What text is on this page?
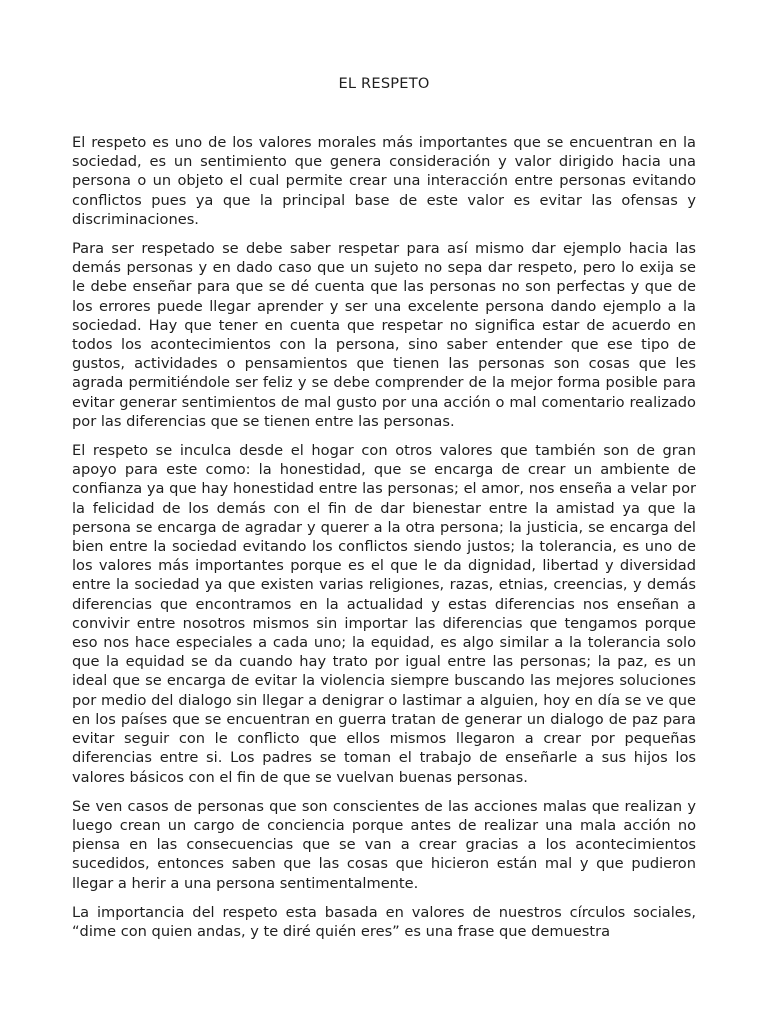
EL RESPETO

El respeto es uno de los valores morales más importantes que se encuentran en la sociedad, es un sentimiento que genera consideración y valor dirigido hacia una persona o un objeto el cual permite crear una interacción entre personas evitando conflictos pues ya que la principal base de este valor es evitar las ofensas y discriminaciones.

Para ser respetado se debe saber respetar para así mismo dar ejemplo hacia las demás personas y en dado caso que un sujeto no sepa dar respeto, pero lo exija se le debe enseñar para que se dé cuenta que las personas no son perfectas y que de los errores puede llegar aprender y ser una excelente persona dando ejemplo a la sociedad. Hay que tener en cuenta que respetar no significa estar de acuerdo en todos los acontecimientos con la persona, sino saber entender que ese tipo de gustos, actividades o pensamientos que tienen las personas son cosas que les agrada permitiéndole ser feliz y se debe comprender de la mejor forma posible para evitar generar sentimientos de mal gusto por una acción o mal comentario realizado por las diferencias que se tienen entre las personas.

El respeto se inculca desde el hogar con otros valores que también son de gran apoyo para este como: la honestidad, que se encarga de crear un ambiente de confianza ya que hay honestidad entre las personas; el amor, nos enseña a velar por la felicidad de los demás con el fin de dar bienestar entre la amistad ya que la persona se encarga de agradar y querer a la otra persona; la justicia, se encarga del bien entre la sociedad evitando los conflictos siendo justos; la tolerancia, es uno de los valores más importantes porque es el que le da dignidad, libertad y diversidad entre la sociedad ya que existen varias religiones, razas, etnias, creencias, y demás diferencias que encontramos en la actualidad y estas diferencias nos enseñan a convivir entre nosotros mismos sin importar las diferencias que tengamos porque eso nos hace especiales a cada uno; la equidad, es algo similar a la tolerancia solo que la equidad se da cuando hay trato por igual entre las personas; la paz, es un ideal que se encarga de evitar la violencia siempre buscando las mejores soluciones por medio del dialogo sin llegar a denigrar o lastimar a alguien, hoy en día se ve que en los países que se encuentran en guerra tratan de generar un dialogo de paz para evitar seguir con le conflicto que ellos mismos llegaron a crear por pequeñas diferencias entre si. Los padres se toman el trabajo de enseñarle a sus hijos los valores básicos con el fin de que se vuelvan buenas personas.

Se ven casos de personas que son conscientes de las acciones malas que realizan y luego crean un cargo de conciencia porque antes de realizar una mala acción no piensa en las consecuencias que se van a crear gracias a los acontecimientos sucedidos, entonces saben que las cosas que hicieron están mal y que pudieron llegar a herir a una persona sentimentalmente.

La importancia del respeto esta basada en valores de nuestros círculos sociales, “dime con quien andas, y te diré quién eres” es una frase que demuestra
